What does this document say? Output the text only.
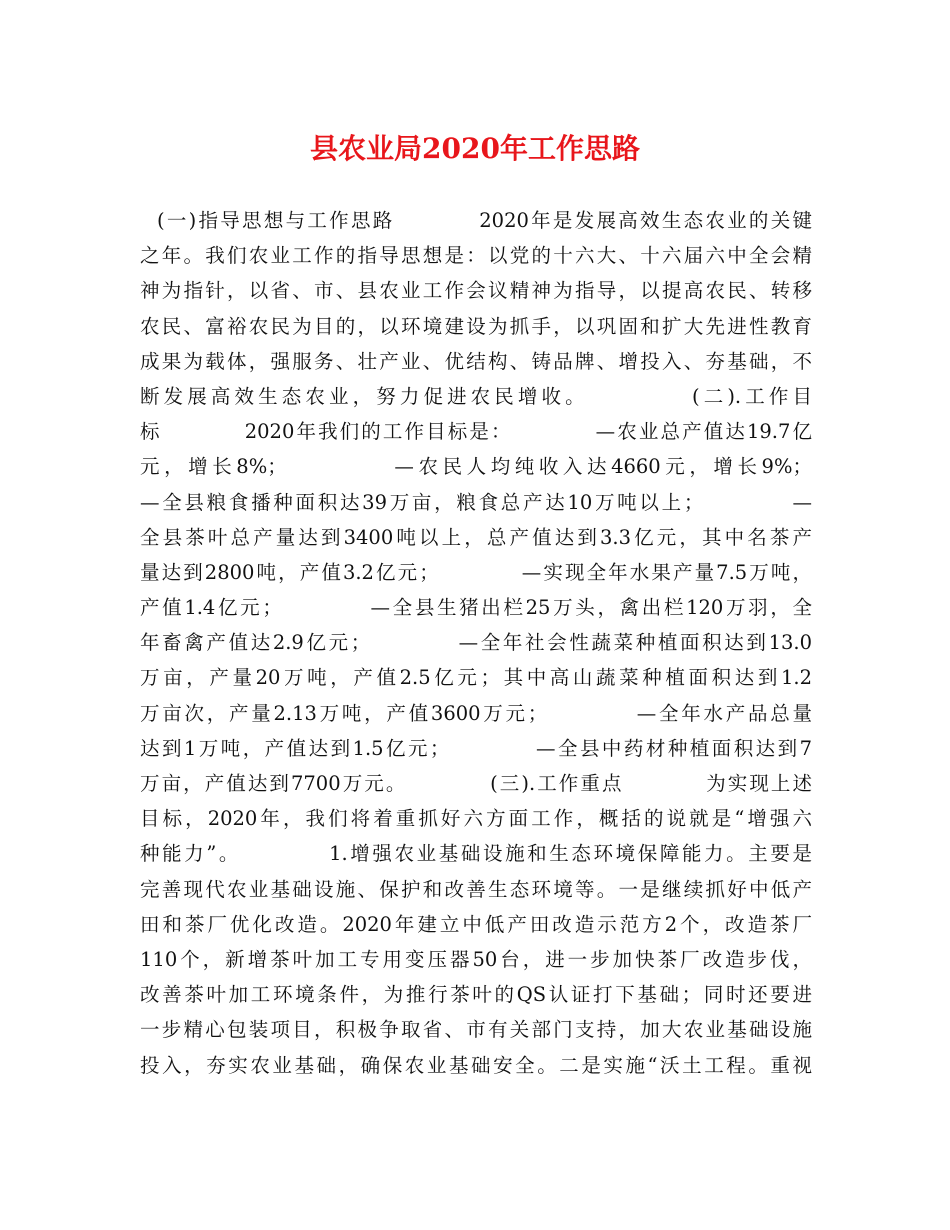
县农业局2020年工作思路
(一)指导思想与工作思路          2020年是发展高效生态农业的关键
之年。我们农业工作的指导思想是：以党的十六大、十六届六中全会精
神为指针，以省、市、县农业工作会议精神为指导，以提高农民、转移
农民、富裕农民为目的，以环境建设为抓手，以巩固和扩大先进性教育
成果为载体，强服务、壮产业、优结构、铸品牌、增投入、夯基础，不
断发展高效生态农业，努力促进农民增收。          (二).工作目
标          2020年我们的工作目标是：          —农业总产值达19.7亿
元，增长8%；          —农民人均纯收入达4660元，增长9%；
—全县粮食播种面积达39万亩，粮食总产达10万吨以上；          —
全县茶叶总产量达到3400吨以上，总产值达到3.3亿元，其中名茶产
量达到2800吨，产值3.2亿元；          —实现全年水果产量7.5万吨，
产值1.4亿元；          —全县生猪出栏25万头，禽出栏120万羽，全
年畜禽产值达2.9亿元；          —全年社会性蔬菜种植面积达到13.0
万亩，产量20万吨，产值2.5亿元；其中高山蔬菜种植面积达到1.2
万亩次，产量2.13万吨，产值3600万元；          —全年水产品总量
达到1万吨，产值达到1.5亿元；          —全县中药材种植面积达到7
万亩，产值达到7700万元。          (三).工作重点          为实现上述
目标，2020年，我们将着重抓好六方面工作，概括的说就是“增强六
种能力”。          1.增强农业基础设施和生态环境保障能力。主要是
完善现代农业基础设施、保护和改善生态环境等。一是继续抓好中低产
田和茶厂优化改造。2020年建立中低产田改造示范方2个，改造茶厂
110个，新增茶叶加工专用变压器50台，进一步加快茶厂改造步伐，
改善茶叶加工环境条件，为推行茶叶的QS认证打下基础；同时还要进
一步精心包装项目，积极争取省、市有关部门支持，加大农业基础设施
投入，夯实农业基础，确保农业基础安全。二是实施“沃土工程。重视
